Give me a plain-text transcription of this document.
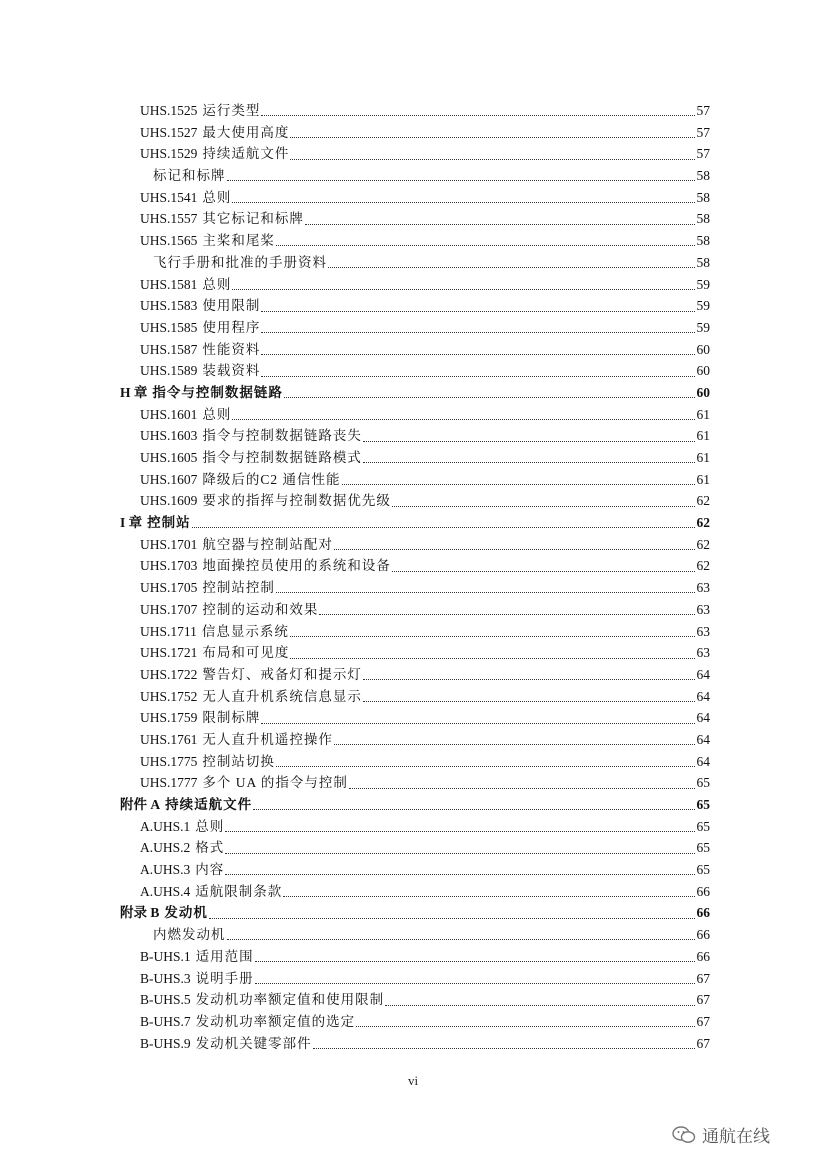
UHS.1525 运行类型	57
UHS.1527 最大使用高度	57
UHS.1529 持续适航文件	57
标记和标牌	58
UHS.1541 总则	58
UHS.1557 其它标记和标牌	58
UHS.1565 主桨和尾桨	58
飞行手册和批准的手册资料	58
UHS.1581 总则	59
UHS.1583 使用限制	59
UHS.1585 使用程序	59
UHS.1587 性能资料	60
UHS.1589 装载资料	60
H 章 指令与控制数据链路	60
UHS.1601 总则	61
UHS.1603 指令与控制数据链路丧失	61
UHS.1605 指令与控制数据链路模式	61
UHS.1607 降级后的C2 通信性能	61
UHS.1609 要求的指挥与控制数据优先级	62
I 章 控制站	62
UHS.1701 航空器与控制站配对	62
UHS.1703 地面操控员使用的系统和设备	62
UHS.1705 控制站控制	63
UHS.1707 控制的运动和效果	63
UHS.1711 信息显示系统	63
UHS.1721 布局和可见度	63
UHS.1722 警告灯、戒备灯和提示灯	64
UHS.1752 无人直升机系统信息显示	64
UHS.1759 限制标牌	64
UHS.1761 无人直升机遥控操作	64
UHS.1775 控制站切换	64
UHS.1777 多个 UA 的指令与控制	65
附件 A 持续适航文件	65
A.UHS.1 总则	65
A.UHS.2 格式	65
A.UHS.3 内容	65
A.UHS.4 适航限制条款	66
附录 B 发动机	66
内燃发动机	66
B-UHS.1 适用范围	66
B-UHS.3 说明手册	67
B-UHS.5 发动机功率额定值和使用限制	67
B-UHS.7 发动机功率额定值的选定	67
B-UHS.9 发动机关键零部件	67
vi
通航在线
